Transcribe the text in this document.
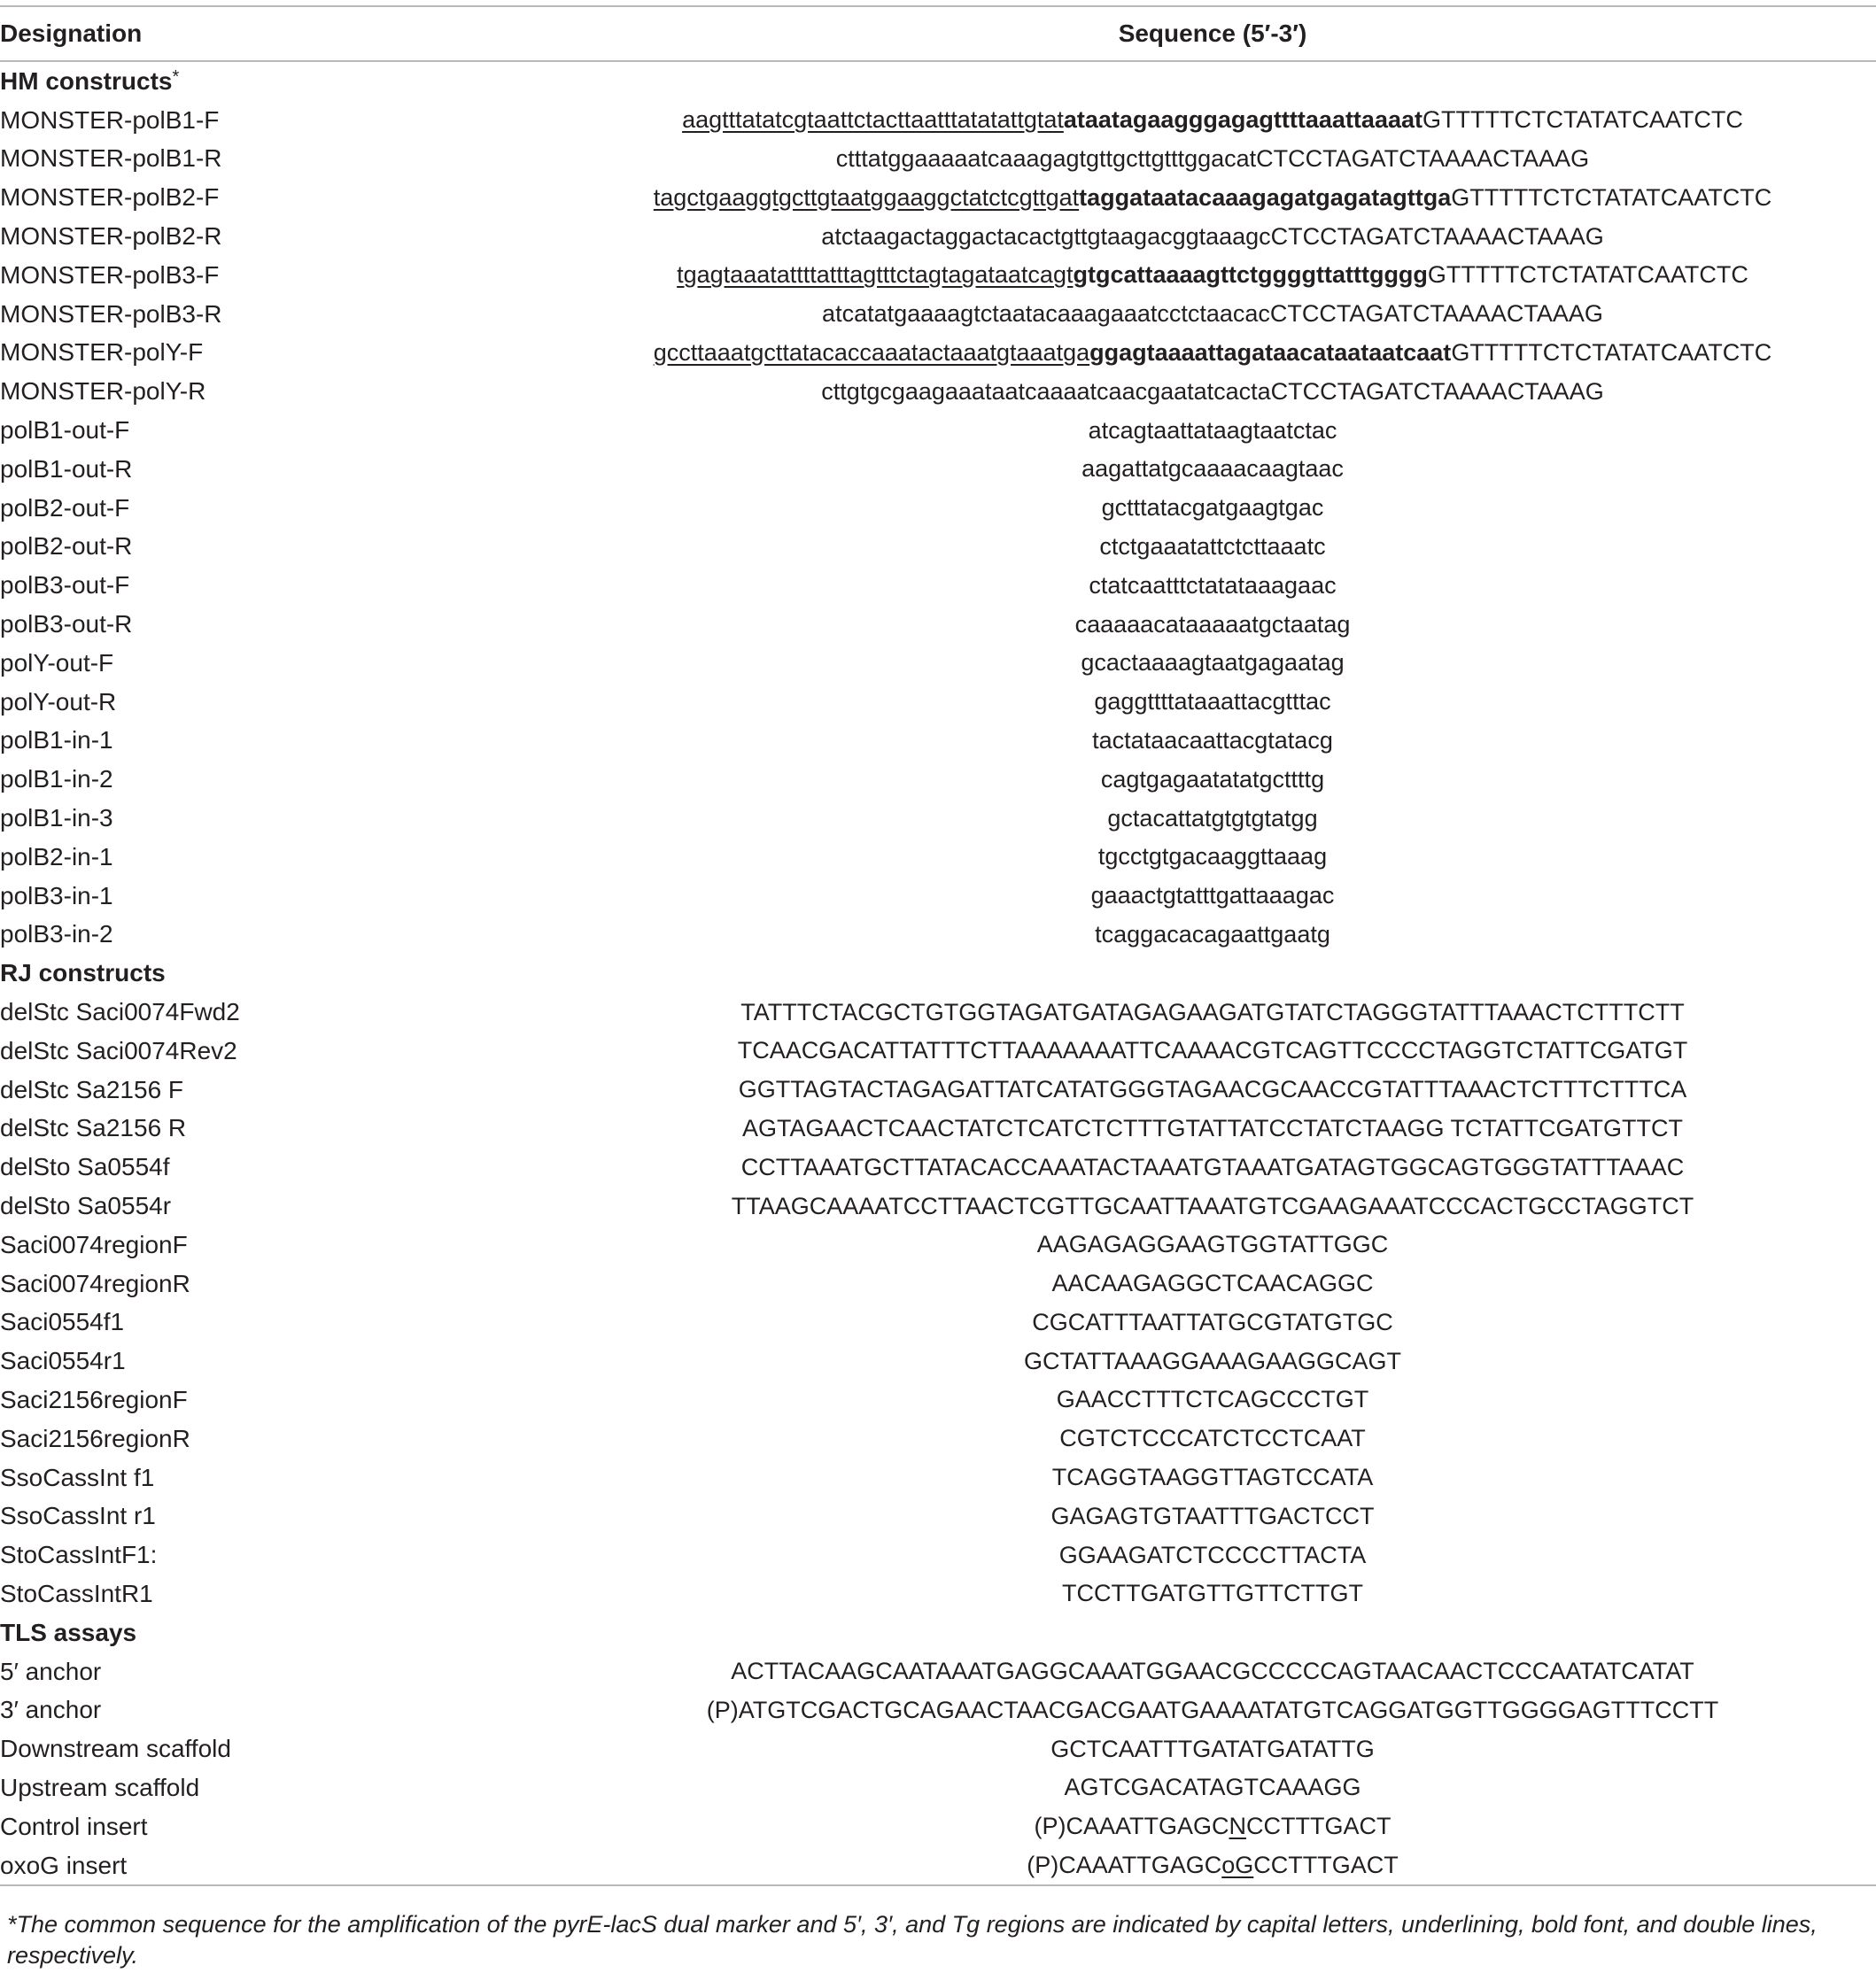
Designation	Sequence (5′-3′)
HM constructs*
MONSTER-polB1-F	aagtttatatcgtaattctacttaatttatatattgtatataatagaagggagagttttaaattaaaatGTTTTTCTCTATATCAATCTC
MONSTER-polB1-R	ctttatggaaaaatcaaagagtgttgcttgtttggacatCTCCTAGATCTAAAACTAAAG
MONSTER-polB2-F	tagctgaaggtgcttgtaatggaaggctatctcgttgattaggataatacaaagagatgagatagttgaGTTTTTCTCTATATCAATCTC
MONSTER-polB2-R	atctaagactaggactacactgttgtaagacggtaaagcCTCCTAGATCTAAAACTAAAG
MONSTER-polB3-F	tgagtaaatattttatttagtttctagtagataatcagtgtgcattaaaagttctggggttatttggggGTTTTTCTCTATATCAATCTC
MONSTER-polB3-R	atcatatgaaaagtctaatacaaagaaatcctctaacacCTCCTAGATCTAAAACTAAAG
MONSTER-polY-F	gccttaaatgcttatacaccaaatactaaatgtaaatgaggagtaaaattagataacataataatcaatGTTTTTCTCTATATCAATCTC
MONSTER-polY-R	cttgtgcgaagaaataatcaaaatcaacgaatatcactaCTCCTAGATCTAAAACTAAAG
polB1-out-F	atcagtaattataagtaatctac
polB1-out-R	aagattatgcaaaacaagtaac
polB2-out-F	gctttatacgatgaagtgac
polB2-out-R	ctctgaaatattctcttaaatc
polB3-out-F	ctatcaatttctatataaagaac
polB3-out-R	caaaaacataaaaatgctaatag
polY-out-F	gcactaaaagtaatgagaatag
polY-out-R	gaggttttataaattacgtttac
polB1-in-1	tactataacaattacgtatacg
polB1-in-2	cagtgagaatatatgcttttg
polB1-in-3	gctacattatgtgtgtatgg
polB2-in-1	tgcctgtgacaaggttaaag
polB3-in-1	gaaactgtatttgattaaagac
polB3-in-2	tcaggacacagaattgaatg
RJ constructs	
delStc Saci0074Fwd2	TATTTCTACGCTGTGGTAGATGATAGAGAAGATGTATCTAGGGTATTTAAACTCTTTCTT
delStc Saci0074Rev2	TCAACGACATTATTTCTTAAAAAAATTCAAAACGTCAGTTCCCCTAGGTCTATTCGATGT
delStc Sa2156 F	GGTTAGTACTAGAGATTATCATATGGGTAGAACGCAACCGTATTTAAACTCTTTCTTTCA
delStc Sa2156 R	AGTAGAACTCAACTATCTCATCTCTTTGTATTATCCTATCTAAGG TCTATTCGATGTTCT
delSto Sa0554f	CCTTAAATGCTTATACACCAAATACTAAATGTAAATGATAGTGGCAGTGGGTATTTAAAC
delSto Sa0554r	TTAAGCAAAATCCTTAACTCGTTGCAATTAAATGTCGAAGAAATCCCACTGCCTAGGTCT
Saci0074regionF	AAGAGAGGAAGTGGTATTGGC
Saci0074regionR	AACAAGAGGCTCAACAGGC
Saci0554f1	CGCATTTAATTATGCGTATGTGC
Saci0554r1	GCTATTAAAGGAAAGAAGGCAGT
Saci2156regionF	GAACCTTTCTCAGCCCTGT
Saci2156regionR	CGTCTCCCATCTCCTCAAT
SsoCassInt f1	TCAGGTAAGGTTAGTCCATA
SsoCassInt r1	GAGAGTGTAATTTGACTCCT
StoCassIntF1:	GGAAGATCTCCCCTTACTA
StoCassIntR1	TCCTTGATGTTGTTCTTGT
TLS assays	
5′ anchor	ACTTACAAGCAATAAATGAGGCAAATGGAACGCCCCCAGTAACAACTCCCAATATCATAT
3′ anchor	(P)ATGTCGACTGCAGAACTAACGACGAATGAAAATATGTCAGGATGGTTGGGGAGTTTCCTT
Downstream scaffold	GCTCAATTTGATATGATATTG
Upstream scaffold	AGTCGACATAGTCAAAGG
Control insert	(P)CAAATTGAGCNCCTTTGACT
oxoG insert	(P)CAAATTGAGCoGCCTTTGACT
*The common sequence for the amplification of the pyrE-lacS dual marker and 5′, 3′, and Tg regions are indicated by capital letters, underlining, bold font, and double lines, respectively.
